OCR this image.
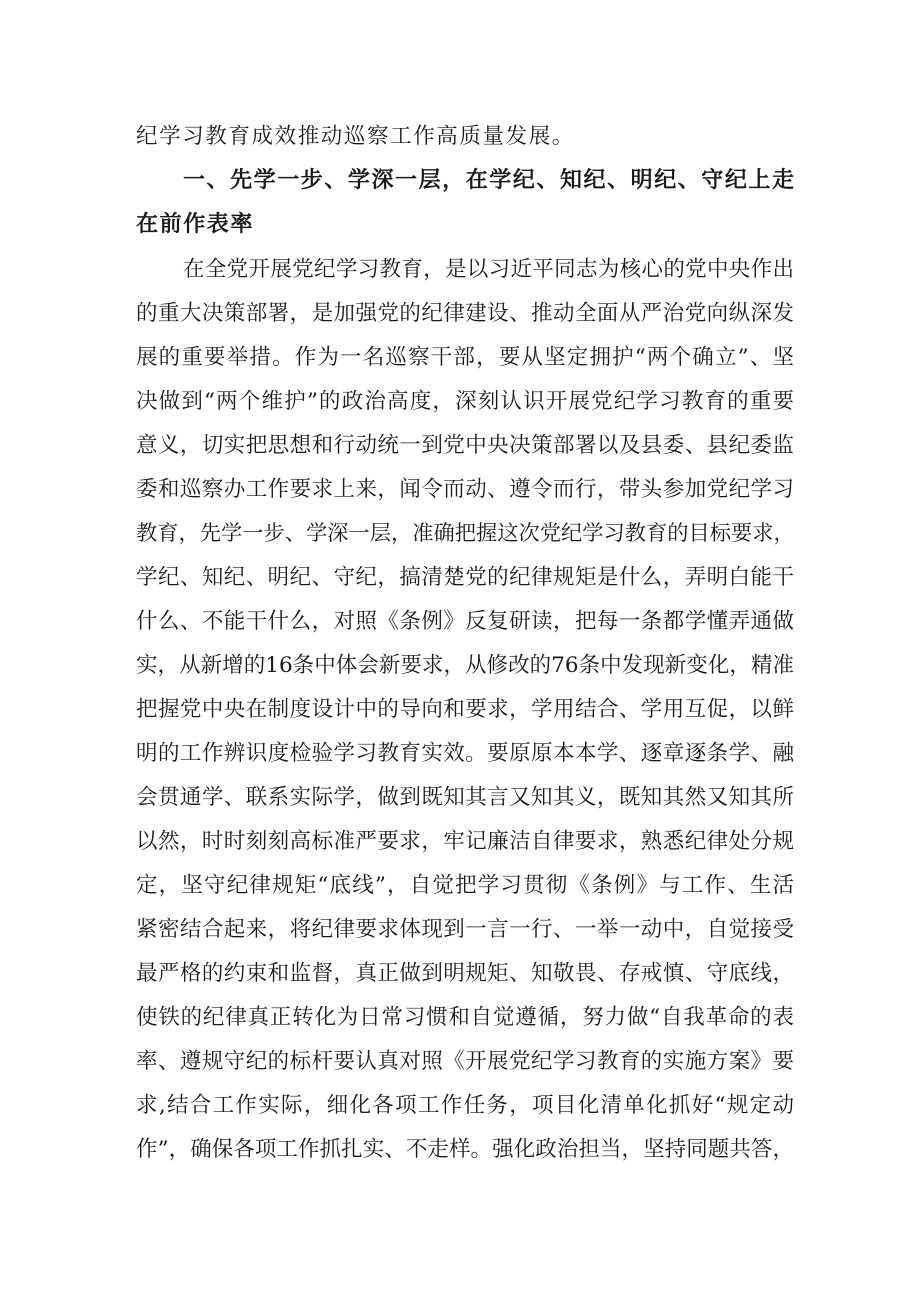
纪学习教育成效推动巡察工作高质量发展。
一、先学一步、学深一层，在学纪、知纪、明纪、守纪上走
在前作表率
在全党开展党纪学习教育，是以习近平同志为核心的党中央作出
的重大决策部署，是加强党的纪律建设、推动全面从严治党向纵深发
展的重要举措。作为一名巡察干部，要从坚定拥护“两个确立”、坚
决做到“两个维护”的政治高度，深刻认识开展党纪学习教育的重要
意义，切实把思想和行动统一到党中央决策部署以及县委、县纪委监
委和巡察办工作要求上来，闻令而动、遵令而行，带头参加党纪学习
教育，先学一步、学深一层，准确把握这次党纪学习教育的目标要求，
学纪、知纪、明纪、守纪，搞清楚党的纪律规矩是什么，弄明白能干
什么、不能干什么，对照《条例》反复研读，把每一条都学懂弄通做
实，从新增的16条中体会新要求，从修改的76条中发现新变化，精准
把握党中央在制度设计中的导向和要求，学用结合、学用互促，以鲜
明的工作辨识度检验学习教育实效。要原原本本学、逐章逐条学、融
会贯通学、联系实际学，做到既知其言又知其义，既知其然又知其所
以然，时时刻刻高标准严要求，牢记廉洁自律要求，熟悉纪律处分规
定，坚守纪律规矩“底线”，自觉把学习贯彻《条例》与工作、生活
紧密结合起来，将纪律要求体现到一言一行、一举一动中，自觉接受
最严格的约束和监督，真正做到明规矩、知敬畏、存戒慎、守底线，
使铁的纪律真正转化为日常习惯和自觉遵循，努力做“自我革命的表
率、遵规守纪的标杆要认真对照《开展党纪学习教育的实施方案》要
求,结合工作实际，细化各项工作任务，项目化清单化抓好“规定动
作”，确保各项工作抓扎实、不走样。强化政治担当，坚持同题共答，
